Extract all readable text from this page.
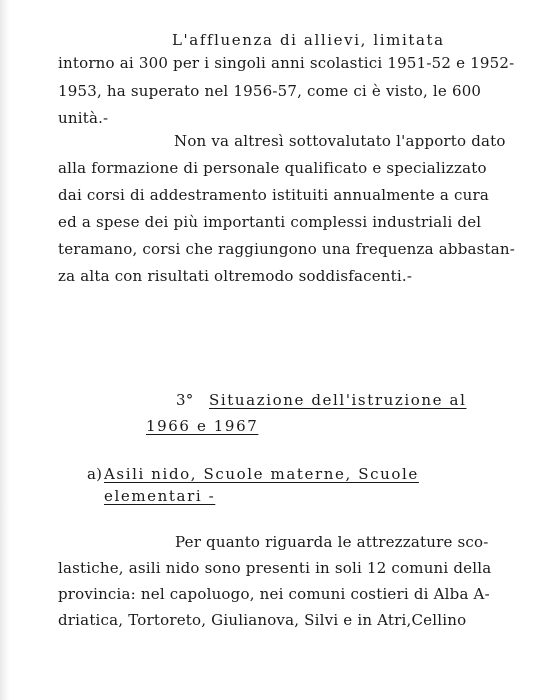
L'affluenza di allievi, limitata
intorno ai 300 per i singoli anni scolastici 1951-52 e 1952-
1953, ha superato nel 1956-57, come ci è visto, le 600
unità.-
Non va altresì sottovalutato l'apporto dato
alla formazione di personale qualificato e specializzato
dai corsi di addestramento istituiti annualmente a cura
ed a spese dei più importanti complessi industriali del
teramano, corsi che raggiungono una frequenza abbastan-
za alta con risultati oltremodo soddisfacenti.-
3°	Situazione dell'istruzione al
1966 e 1967
a) Asili nido, Scuole materne, Scuole
elementari -
Per quanto riguarda le attrezzature sco-
lastiche, asili nido sono presenti in soli 12 comuni della
provincia: nel capoluogo, nei comuni costieri di Alba A-
driatica, Tortoreto, Giulianova, Silvi e in Atri,Cellino
